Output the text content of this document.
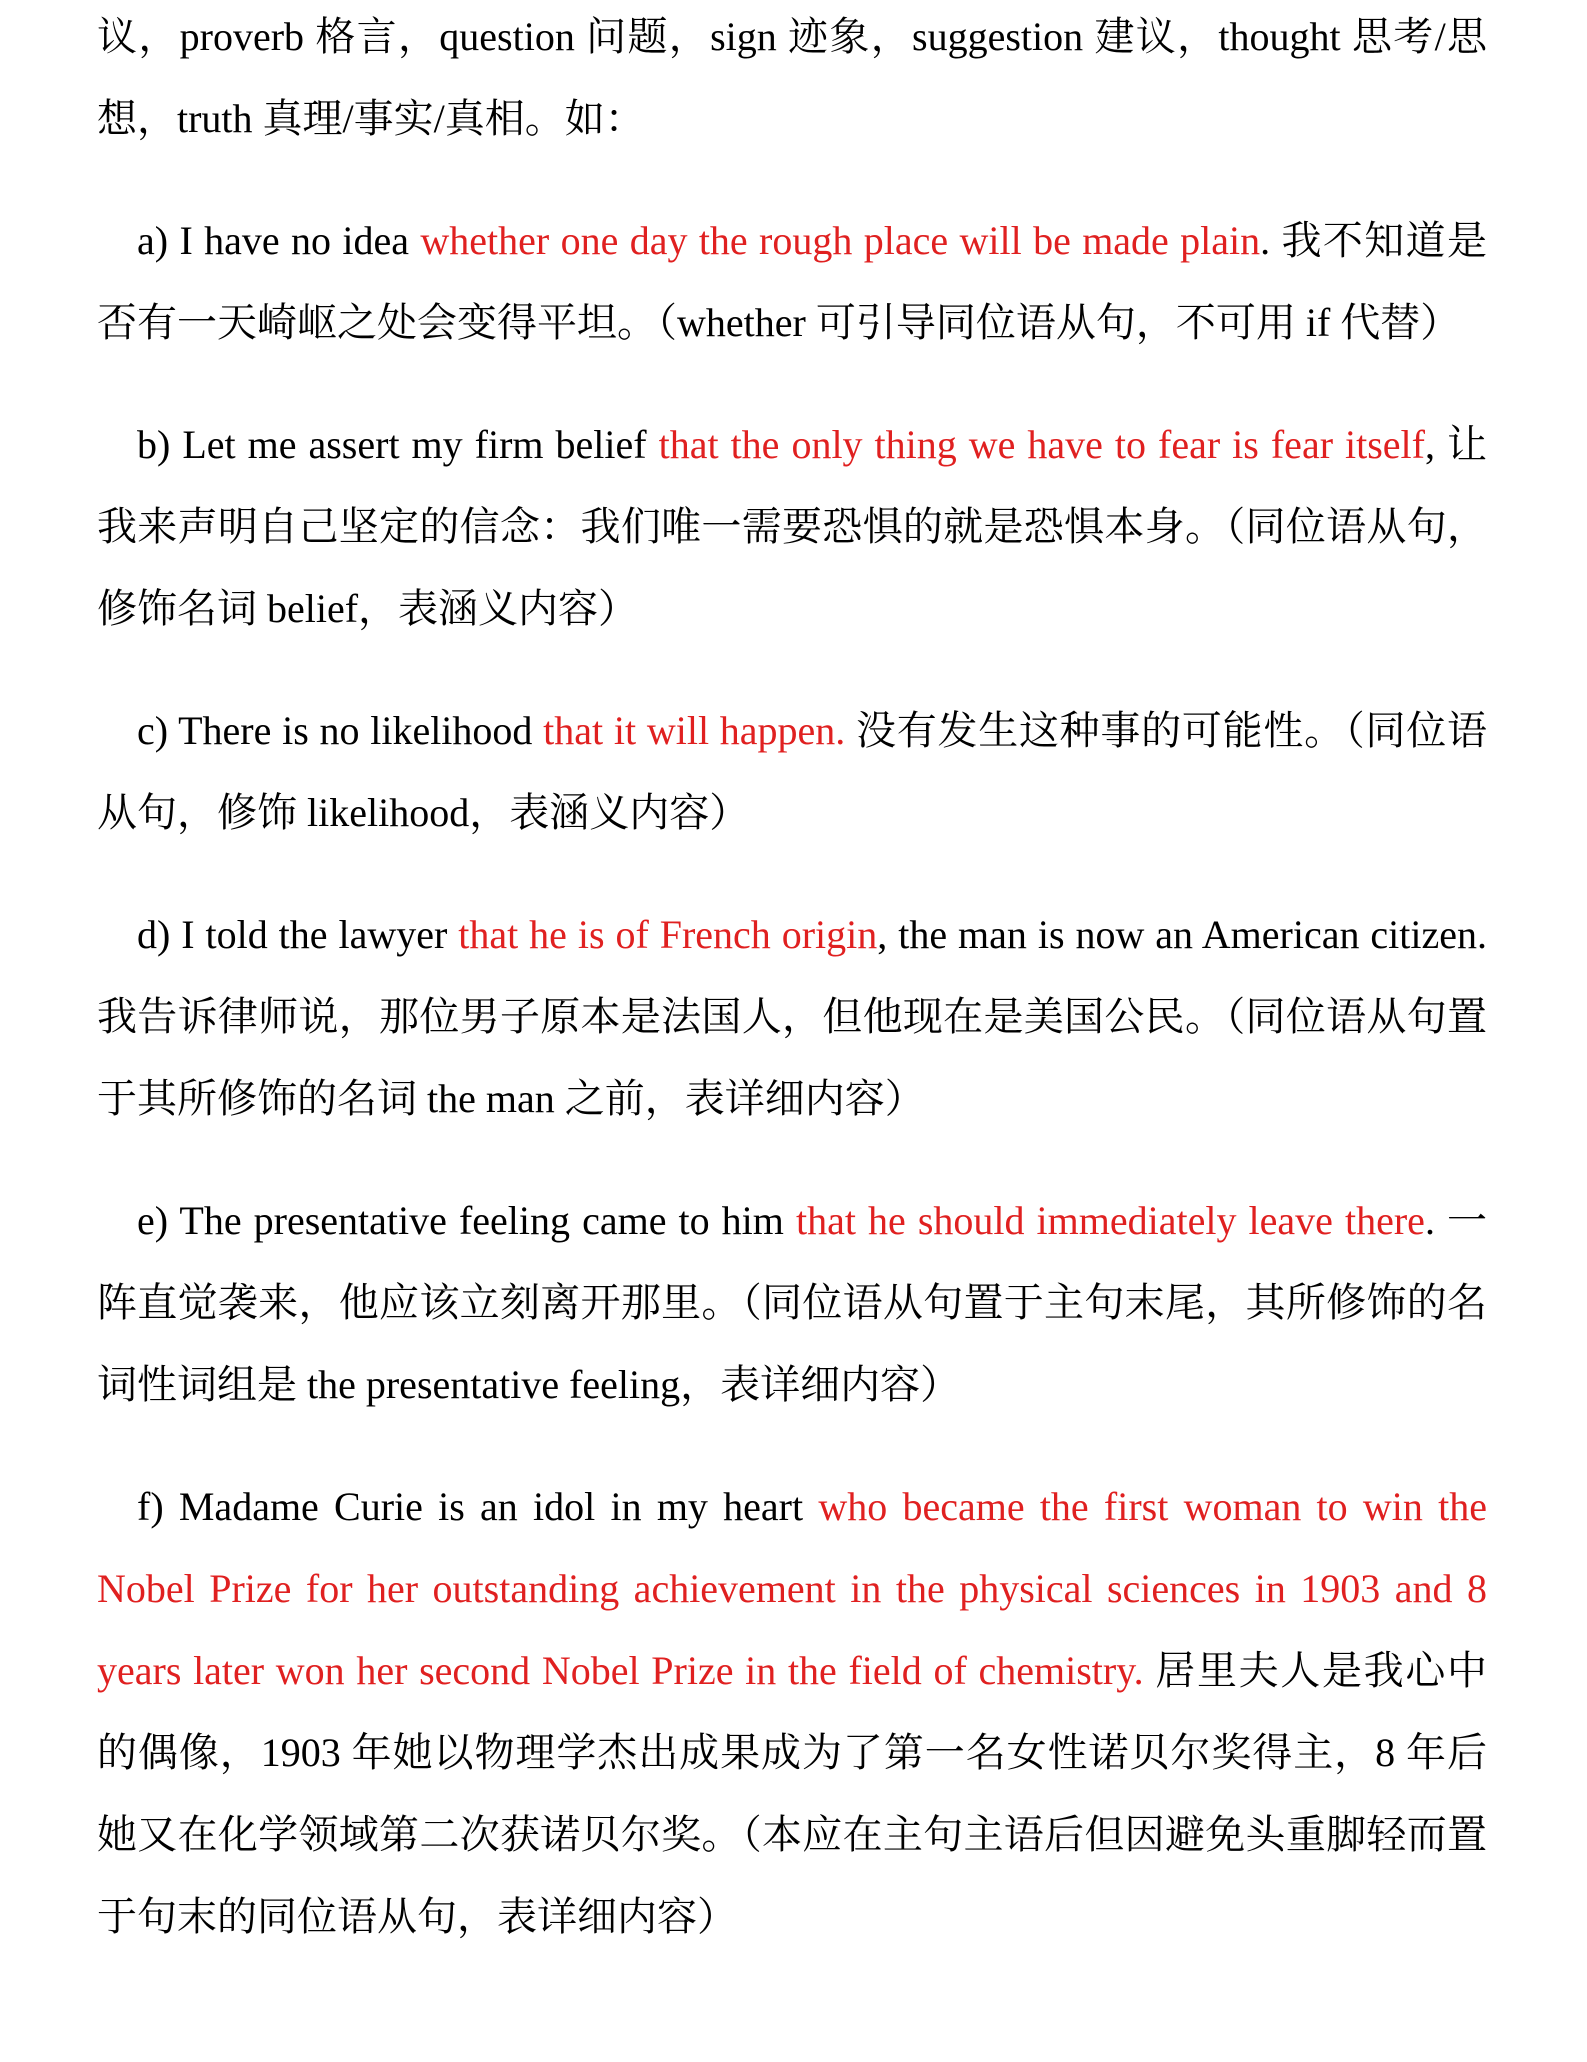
议，proverb 格言，question 问题，sign 迹象，suggestion 建议，thought 思考/思想，truth 真理/事实/真相。如：

a) I have no idea whether one day the rough place will be made plain. 我不知道是否有一天崎岖之处会变得平坦。（whether 可引导同位语从句，不可用 if 代替）

b) Let me assert my firm belief that the only thing we have to fear is fear itself, 让我来声明自己坚定的信念：我们唯一需要恐惧的就是恐惧本身。（同位语从句，修饰名词 belief，表涵义内容）

c) There is no likelihood that it will happen. 没有发生这种事的可能性。（同位语从句，修饰 likelihood，表涵义内容）

d) I told the lawyer that he is of French origin, the man is now an American citizen. 我告诉律师说，那位男子原本是法国人，但他现在是美国公民。（同位语从句置于其所修饰的名词 the man 之前，表详细内容）

e) The presentative feeling came to him that he should immediately leave there. 一阵直觉袭来，他应该立刻离开那里。（同位语从句置于主句末尾，其所修饰的名词性词组是 the presentative feeling，表详细内容）

f) Madame Curie is an idol in my heart who became the first woman to win the Nobel Prize for her outstanding achievement in the physical sciences in 1903 and 8 years later won her second Nobel Prize in the field of chemistry. 居里夫人是我心中的偶像，1903 年她以物理学杰出成果成为了第一名女性诺贝尔奖得主，8 年后她又在化学领域第二次获诺贝尔奖。（本应在主句主语后但因避免头重脚轻而置于句末的同位语从句，表详细内容）
